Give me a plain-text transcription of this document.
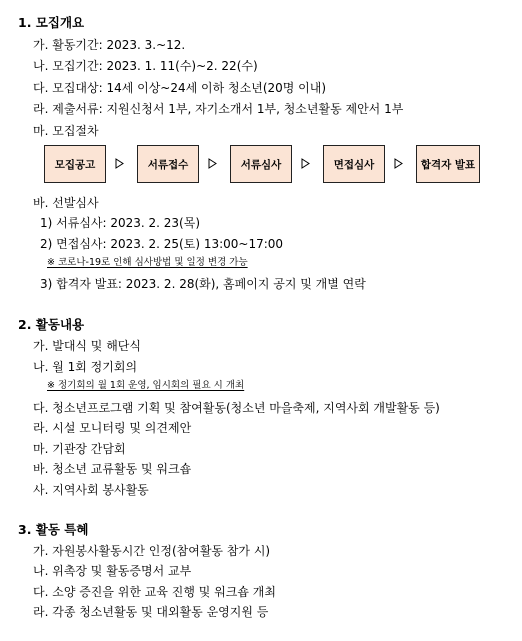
1. 모집개요
가. 활동기간: 2023. 3.~12.
나. 모집기간: 2023. 1. 11(수)~2. 22(수)
다. 모집대상: 14세 이상~24세 이하 청소년(20명 이내)
라. 제출서류: 지원신청서 1부, 자기소개서 1부, 청소년활동 제안서 1부
마. 모집절차
모집공고	서류접수	서류심사	면접심사	합격자 발표
바. 선발심사
1) 서류심사: 2023. 2. 23(목)
2) 면접심사: 2023. 2. 25(토) 13:00~17:00
※ 코로나-19로 인해 심사방법 및 일정 변경 가능
3) 합격자 발표: 2023. 2. 28(화), 홈페이지 공지 및 개별 연락
2. 활동내용
가. 발대식 및 해단식
나. 월 1회 정기회의
※ 정기회의 월 1회 운영, 임시회의 필요 시 개최
다. 청소년프로그램 기획 및 참여활동(청소년 마을축제, 지역사회 개발활동 등)
라. 시설 모니터링 및 의견제안
마. 기관장 간담회
바. 청소년 교류활동 및 워크숍
사. 지역사회 봉사활동
3. 활동 특혜
가. 자원봉사활동시간 인정(참여활동 참가 시)
나. 위촉장 및 활동증명서 교부
다. 소양 증진을 위한 교육 진행 및 워크숍 개최
라. 각종 청소년활동 및 대외활동 운영지원 등
